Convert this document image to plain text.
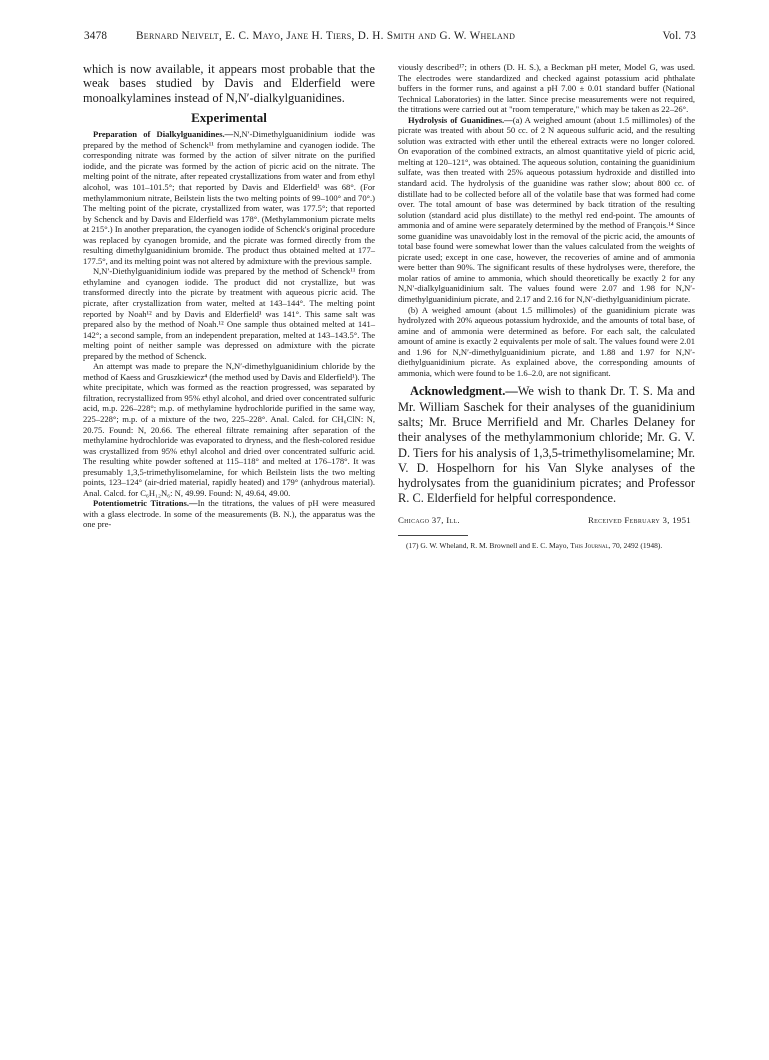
3478	Bernard Neivelt, E. C. Mayo, Jane H. Tiers, D. H. Smith and G. W. Wheland	Vol. 73

which is now available, it appears most probable that the weak bases studied by Davis and Elderfield were monoalkylamines instead of N,N′-dialkylguanidines.

Experimental

Preparation of Dialkylguanidines.—N,N′-Dimethylguanidinium iodide was prepared by the method of Schenck¹¹ from methylamine and cyanogen iodide. The corresponding nitrate was formed by the action of silver nitrate on the purified iodide, and the picrate was formed by the action of picric acid on the nitrate. The melting point of the nitrate, after repeated crystallizations from water and from ethyl alcohol, was 101–101.5°; that reported by Davis and Elderfield¹ was 68°. (For methylammonium nitrate, Beilstein lists the two melting points of 99–100° and 70°.) The melting point of the picrate, crystallized from water, was 177.5°; that reported by Schenck and by Davis and Elderfield was 178°. (Methylammonium picrate melts at 215°.) In another preparation, the cyanogen iodide of Schenck's original procedure was replaced by cyanogen bromide, and the picrate was formed directly from the resulting dimethylguanidinium bromide. The product thus obtained melted at 177–177.5°, and its melting point was not altered by admixture with the previous sample.

N,N′-Diethylguanidinium iodide was prepared by the method of Schenck¹¹ from ethylamine and cyanogen iodide. The product did not crystallize, but was transformed directly into the picrate by treatment with aqueous picric acid. The picrate, after crystallization from water, melted at 143–144°. The melting point reported by Noah¹² and by Davis and Elderfield¹ was 141°. This same salt was prepared also by the method of Noah.¹² One sample thus obtained melted at 141–142°; a second sample, from an independent preparation, melted at 143–143.5°. The melting point of neither sample was depressed on admixture with the picrate prepared by the method of Schenck.

An attempt was made to prepare the N,N′-dimethylguanidinium chloride by the method of Kaess and Gruszkiewicz⁴ (the method used by Davis and Elderfield¹). The white precipitate, which was formed as the reaction progressed, was separated by filtration, recrystallized from 95% ethyl alcohol, and dried over concentrated sulfuric acid, m.p. 226–228°; m.p. of methylamine hydrochloride purified in the same way, 225–228°; m.p. of a mixture of the two, 225–228°. Anal. Calcd. for CH₆ClN: N, 20.75. Found: N, 20.66. The ethereal filtrate remaining after separation of the methylamine hydrochloride was evaporated to dryness, and the flesh-colored residue was crystallized from 95% ethyl alcohol and dried over concentrated sulfuric acid. The resulting white powder softened at 115–118° and melted at 176–178°. It was presumably 1,3,5-trimethylisomelamine, for which Beilstein lists the two melting points, 123–124° (air-dried material, rapidly heated) and 179° (anhydrous material). Anal. Calcd. for C₆H₁₂N₆: N, 49.99. Found: N, 49.64, 49.00.

Potentiometric Titrations.—In the titrations, the values of pH were measured with a glass electrode. In some of the measurements (B. N.), the apparatus was the one pre-

viously described¹⁷; in others (D. H. S.), a Beckman pH meter, Model G, was used. The electrodes were standardized and checked against potassium acid phthalate buffers in the former runs, and against a pH 7.00 ± 0.01 standard buffer (National Technical Laboratories) in the latter. Since precise measurements were not required, the titrations were carried out at "room temperature," which may be taken as 22–26°.

Hydrolysis of Guanidines.—(a) A weighed amount (about 1.5 millimoles) of the picrate was treated with about 50 cc. of 2 N aqueous sulfuric acid, and the resulting solution was extracted with ether until the ethereal extracts were no longer colored. On evaporation of the combined extracts, an almost quantitative yield of picric acid, melting at 120–121°, was obtained. The aqueous solution, containing the guanidinium sulfate, was then treated with 25% aqueous potassium hydroxide and distilled into standard acid. The hydrolysis of the guanidine was rather slow; about 800 cc. of distillate had to be collected before all of the volatile base that was formed had come over. The total amount of base was determined by back titration of the resulting solution (standard acid plus distillate) to the methyl red end-point. The amounts of ammonia and of amine were separately determined by the method of François.¹⁴ Since some guanidine was unavoidably lost in the removal of the picric acid, the amounts of total base found were somewhat lower than the values calculated from the weights of picrate used; except in one case, however, the recoveries of amine and of ammonia were better than 90%. The significant results of these hydrolyses were, therefore, the molar ratios of amine to ammonia, which should theoretically be exactly 2 for any N,N′-dialkylguanidinium salt. The values found were 2.07 and 1.98 for N,N′-dimethylguanidinium picrate, and 2.17 and 2.16 for N,N′-diethylguanidinium picrate.

(b) A weighed amount (about 1.5 millimoles) of the guanidinium picrate was hydrolyzed with 20% aqueous potassium hydroxide, and the amounts of total base, of amine and of ammonia were determined as before. For each salt, the calculated amount of amine is exactly 2 equivalents per mole of salt. The values found were 2.01 and 1.96 for N,N′-dimethylguanidinium picrate, and 1.88 and 1.97 for N,N′-diethylguanidinium picrate. As explained above, the corresponding amounts of ammonia, which were found to be 1.6–2.0, are not significant.

Acknowledgment.—We wish to thank Dr. T. S. Ma and Mr. William Saschek for their analyses of the guanidinium salts; Mr. Bruce Merrifield and Mr. Charles Delaney for their analyses of the methylammonium chloride; Mr. G. V. D. Tiers for his analysis of 1,3,5-trimethylisomelamine; Mr. V. D. Hospelhorn for his Van Slyke analyses of the hydrolysates from the guanidinium picrates; and Professor R. C. Elderfield for helpful correspondence.

Chicago 37, Ill.	Received February 3, 1951

(17) G. W. Wheland, R. M. Brownell and E. C. Mayo, This Journal, 70, 2492 (1948).
